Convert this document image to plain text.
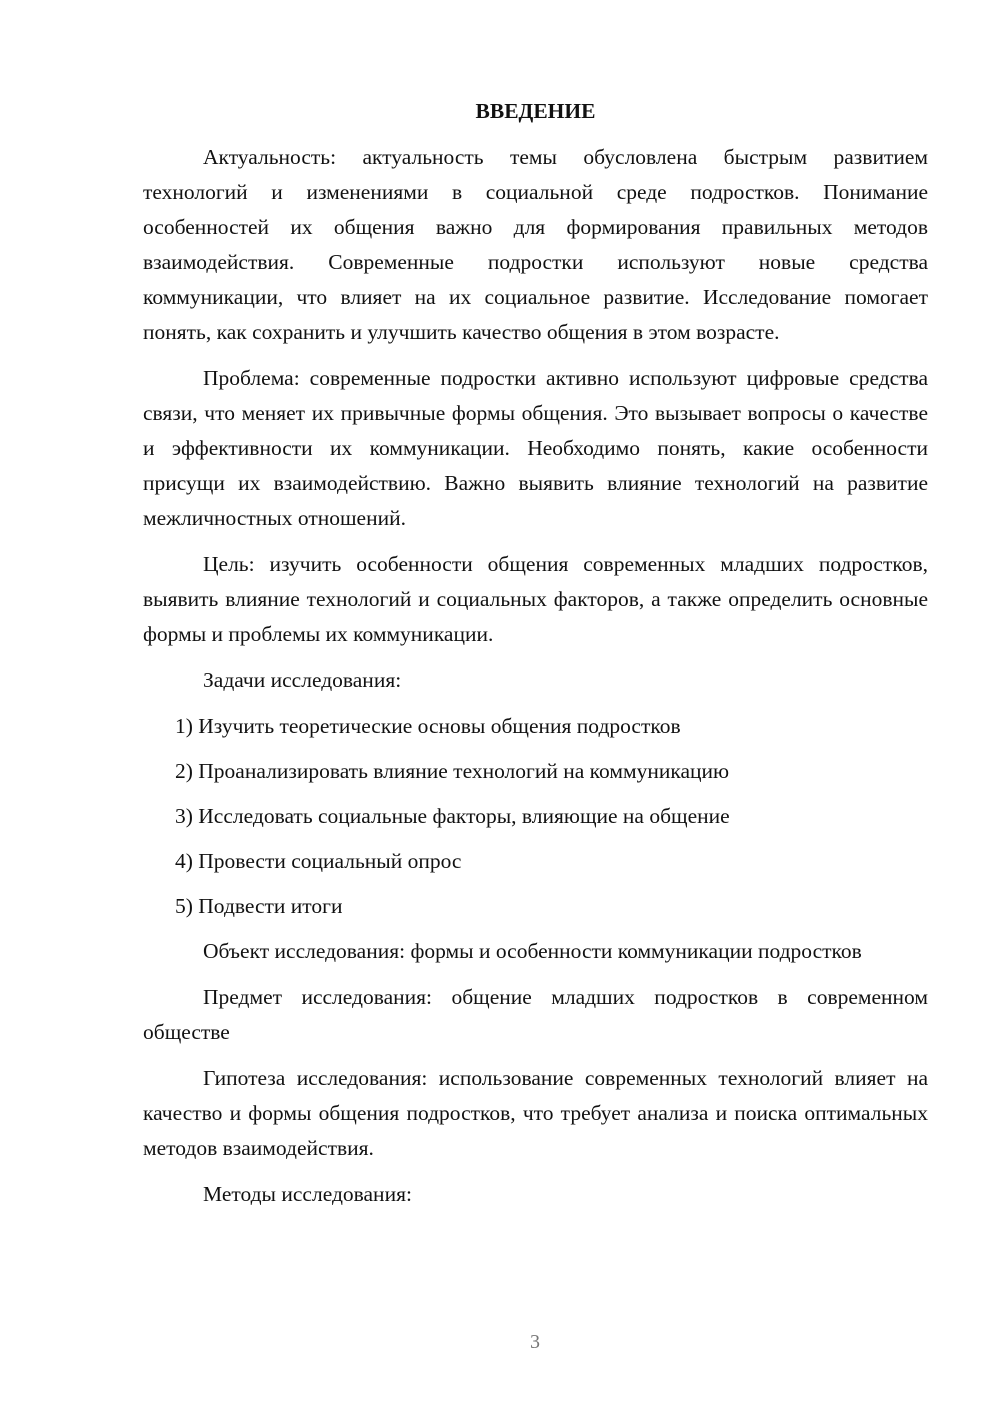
ВВЕДЕНИЕ

Актуальность: актуальность темы обусловлена быстрым развитием технологий и изменениями в социальной среде подростков. Понимание особенностей их общения важно для формирования правильных методов взаимодействия. Современные подростки используют новые средства коммуникации, что влияет на их социальное развитие. Исследование помогает понять, как сохранить и улучшить качество общения в этом возрасте.

Проблема: современные подростки активно используют цифровые средства связи, что меняет их привычные формы общения. Это вызывает вопросы о качестве и эффективности их коммуникации. Необходимо понять, какие особенности присущи их взаимодействию. Важно выявить влияние технологий на развитие межличностных отношений.

Цель: изучить особенности общения современных младших подростков, выявить влияние технологий и социальных факторов, а также определить основные формы и проблемы их коммуникации.

Задачи исследования:

1) Изучить теоретические основы общения подростков
2) Проанализировать влияние технологий на коммуникацию
3) Исследовать социальные факторы, влияющие на общение
4) Провести социальный опрос
5) Подвести итоги

Объект исследования: формы и особенности коммуникации подростков

Предмет исследования: общение младших подростков в современном обществе

Гипотеза исследования: использование современных технологий влияет на качество и формы общения подростков, что требует анализа и поиска оптимальных методов взаимодействия.

Методы исследования:

3
